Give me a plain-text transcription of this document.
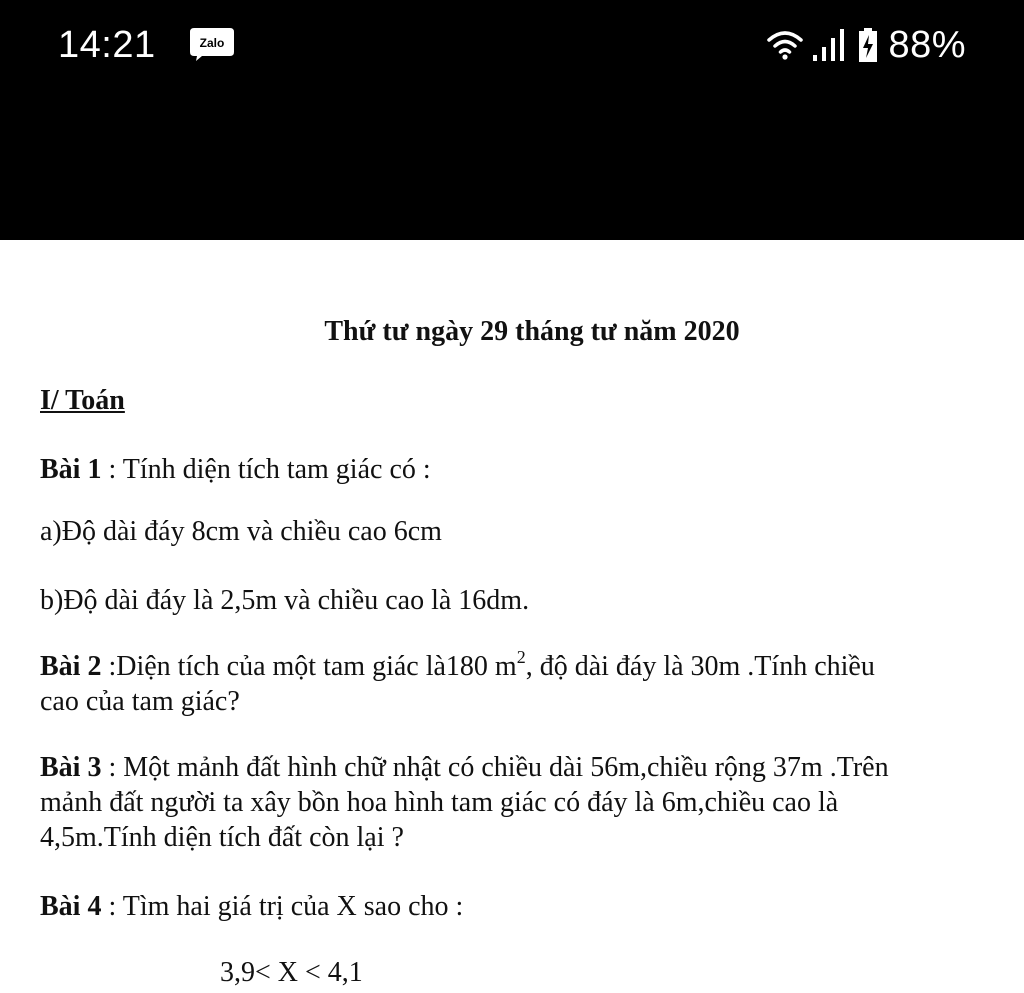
14:21	Zalo	88%
Thứ tư ngày 29 tháng tư năm 2020
I/ Toán
Bài 1 : Tính diện tích tam giác có :
a)Độ dài đáy 8cm và chiều cao 6cm
b)Độ dài đáy là 2,5m và chiều cao là 16dm.
Bài 2 :Diện tích của một tam giác là180 $m^2$, độ dài đáy là 30m .Tính chiều
cao của tam giác?
Bài 3 : Một mảnh đất hình chữ nhật có chiều dài 56m,chiều rộng 37m .Trên
mảnh đất người ta xây bồn hoa hình tam giác có đáy là 6m,chiều cao là
4,5m.Tính diện tích đất còn lại ?
Bài 4 : Tìm hai giá trị của X sao cho :
3,9< X < 4,1
